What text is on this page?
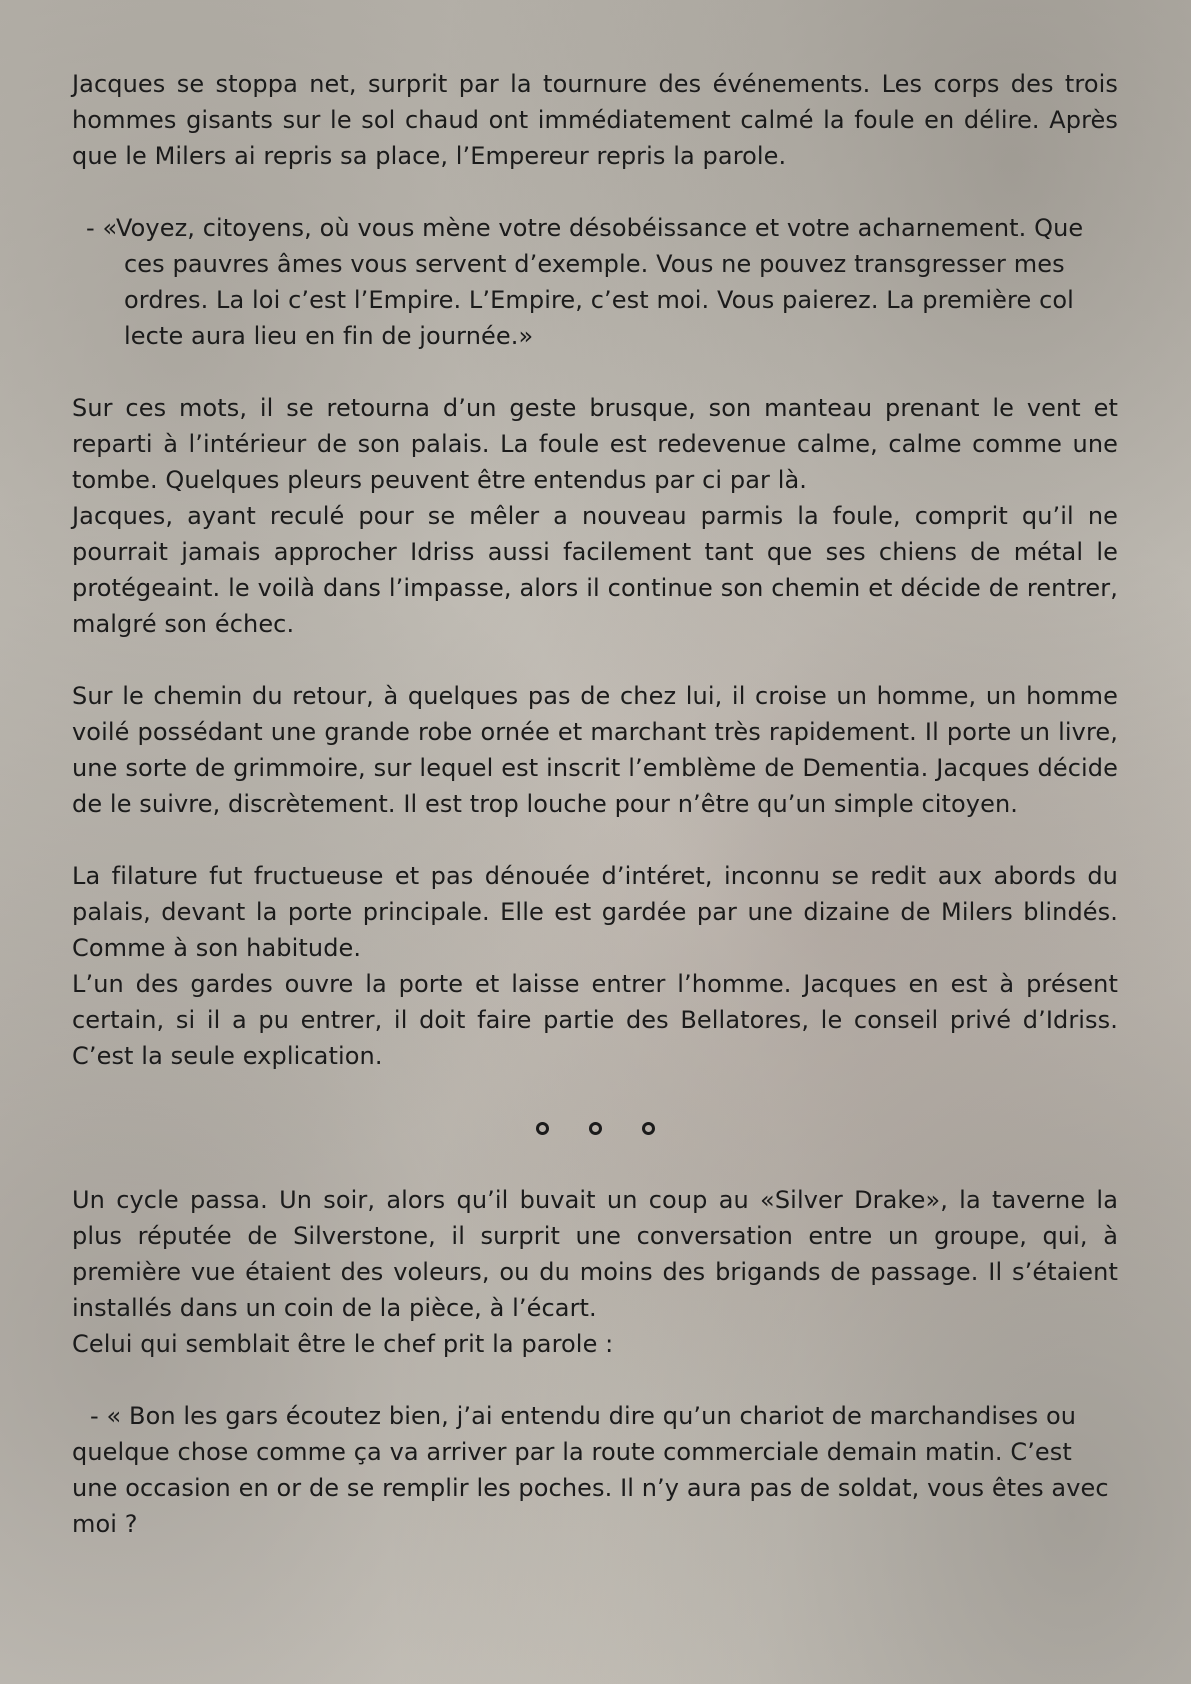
Jacques se stoppa net, surprit par la tournure des événements. Les corps des trois hommes gisants sur le sol chaud ont immédiatement calmé la foule en délire. Après que le Milers ai repris sa place, l’Empereur repris la parole.

- «Voyez, citoyens, où vous mène votre désobéissance et votre acharnement. Que ces pauvres âmes vous servent d’exemple. Vous ne pouvez transgresser mes ordres. La loi c’est l’Empire. L’Empire, c’est moi. Vous paierez. La première col lecte aura lieu en fin de journée.»

Sur ces mots, il se retourna d’un geste brusque, son manteau prenant le vent et reparti à l’intérieur de son palais. La foule est redevenue calme, calme comme une tombe. Quelques pleurs peuvent être entendus par ci par là.

Jacques, ayant reculé pour se mêler a nouveau parmis la foule, comprit qu’il ne pourrait jamais approcher Idriss aussi facilement tant que ses chiens de métal le protégeaint. le voilà dans l’impasse, alors il continue son chemin et décide de rentrer, malgré son échec.

Sur le chemin du retour, à quelques pas de chez lui, il croise un homme, un homme voilé possédant une grande robe ornée et marchant très rapidement. Il porte un livre, une sorte de grimmoire, sur lequel est inscrit l’emblème de Dementia. Jacques décide de le suivre, discrètement. Il est trop louche pour n’être qu’un simple citoyen.

La filature fut fructueuse et pas dénouée d’intéret, inconnu se redit aux abords du palais, devant la porte principale. Elle est gardée par une dizaine de Milers blindés. Comme à son habitude.

L’un des gardes ouvre la porte et laisse entrer l’homme. Jacques en est à présent certain, si il a pu entrer, il doit faire partie des Bellatores, le conseil privé d’Idriss. C’est la seule explication.

Un cycle passa. Un soir, alors qu’il buvait un coup au «Silver Drake», la taverne la plus réputée de Silverstone, il surprit une conversation entre un groupe, qui, à première vue étaient des voleurs, ou du moins des brigands de passage. Il s’étaient installés dans un coin de la pièce, à l’écart.

Celui qui semblait être le chef prit la parole :

- « Bon les gars écoutez bien, j’ai entendu dire qu’un chariot de marchandises ou quelque chose comme ça va arriver par la route commerciale demain matin. C’est une occasion en or de se remplir les poches. Il n’y aura pas de soldat, vous êtes avec moi ?
